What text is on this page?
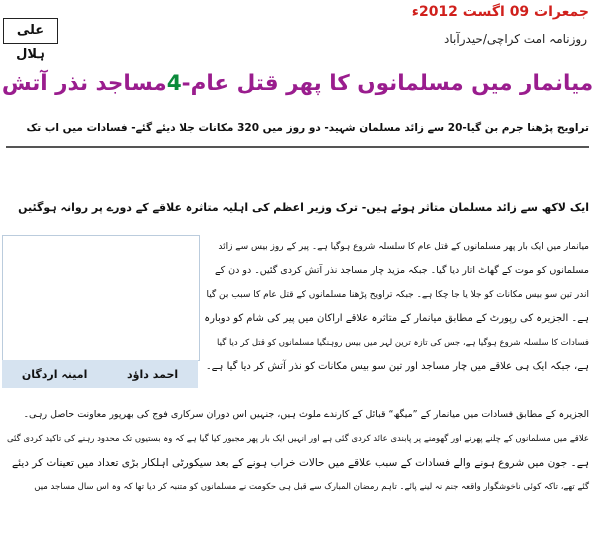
جمعرات 09 اگست 2012ء
علی ہلال
روزنامہ امت کراچی/حیدرآباد
میانمار میں مسلمانوں کا پھر قتل عام-4مساجد نذر آتش
تراویح پڑھنا جرم بن گیا-20 سے زائد مسلمان شہید- دو روز میں 320 مکانات جلا دیئے گئے- فسادات میں اب تک
ایک لاکھ سے زائد مسلمان متاثر ہوئے ہیں- ترک وزیر اعظم کی اہلیہ متاثرہ علاقے کے دورے پر روانہ ہوگئیں
احمد داؤد
امینہ اردگان
میانمار میں ایک بار پھر مسلمانوں کے قتل عام کا سلسلہ شروع ہوگیا ہے۔ پیر کے روز بیس سے زائد
مسلمانوں کو موت کے گھاٹ اتار دیا گیا۔ جبکہ مزید چار مساجد نذر آتش کردی گئیں۔ دو دن کے
اندر تین سو بیس مکانات کو جلا یا جا چکا ہے۔ جبکہ تراویح پڑھنا مسلمانوں کے قتل عام کا سبب بن گیا
ہے۔ الجزیرہ کی رپورٹ کے مطابق میانمار کے متاثرہ علاقے اراکان میں پیر کی شام کو دوبارہ
فسادات کا سلسلہ شروع ہوگیا ہے، جس کی تازہ ترین لہر میں بیس روہنگیا مسلمانوں کو قتل کر دیا گیا
ہے، جبکہ ایک ہی علاقے میں چار مساجد اور تین سو بیس مکانات کو نذر آتش کر دیا گیا ہے۔
الجزیرہ کے مطابق فسادات میں میانمار کے ”میگھ“ قبائل کے کارندے ملوث ہیں، جنہیں اس دوران سرکاری فوج کی بھرپور معاونت حاصل رہی۔
علاقے میں مسلمانوں کے چلنے پھرنے اور گھومنے پر پابندی عائد کردی گئی ہے اور انہیں ایک بار پھر مجبور کیا گیا ہے کہ وہ بستیوں تک محدود رہنے کی تاکید کردی گئی
ہے۔ جون میں شروع ہونے والے فسادات کے سبب علاقے میں حالات خراب ہونے کے بعد سیکورٹی اہلکار بڑی تعداد میں تعینات کر دیئے
گئے تھے، تاکہ کوئی ناخوشگوار واقعہ جنم نہ لینے پائے۔ تاہم رمضان المبارک سے قبل ہی حکومت نے مسلمانوں کو متنبہ کر دیا تھا کہ وہ اس سال مساجد میں
